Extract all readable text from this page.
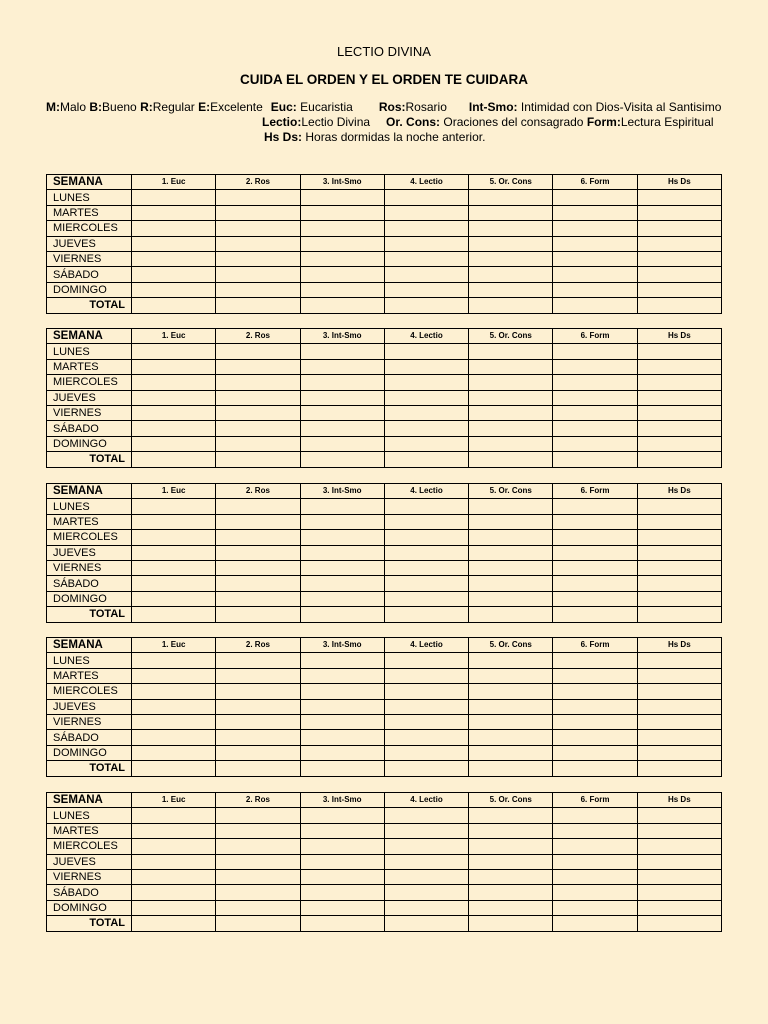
LECTIO DIVINA
CUIDA EL ORDEN Y EL ORDEN TE CUIDARA
M:Malo B:Bueno R:Regular E:Excelente Euc: Eucaristia Ros:Rosario Int-Smo: Intimidad con Dios-Visita al Santisimo
Lectio:Lectio Divina Or. Cons: Oraciones del consagrado Form:Lectura Espiritual
Hs Ds: Horas dormidas la noche anterior.
SEMANA	1. Euc	2. Ros	3. Int-Smo	4. Lectio	5. Or. Cons	6. Form	Hs Ds
LUNES							
MARTES							
MIERCOLES							
JUEVES							
VIERNES							
SÁBADO							
DOMINGO							
TOTAL							
SEMANA	1. Euc	2. Ros	3. Int-Smo	4. Lectio	5. Or. Cons	6. Form	Hs Ds
LUNES							
MARTES							
MIERCOLES							
JUEVES							
VIERNES							
SÁBADO							
DOMINGO							
TOTAL							
SEMANA	1. Euc	2. Ros	3. Int-Smo	4. Lectio	5. Or. Cons	6. Form	Hs Ds
LUNES							
MARTES							
MIERCOLES							
JUEVES							
VIERNES							
SÁBADO							
DOMINGO							
TOTAL							
SEMANA	1. Euc	2. Ros	3. Int-Smo	4. Lectio	5. Or. Cons	6. Form	Hs Ds
LUNES							
MARTES							
MIERCOLES							
JUEVES							
VIERNES							
SÁBADO							
DOMINGO							
TOTAL							
SEMANA	1. Euc	2. Ros	3. Int-Smo	4. Lectio	5. Or. Cons	6. Form	Hs Ds
LUNES							
MARTES							
MIERCOLES							
JUEVES							
VIERNES							
SÁBADO							
DOMINGO							
TOTAL							
